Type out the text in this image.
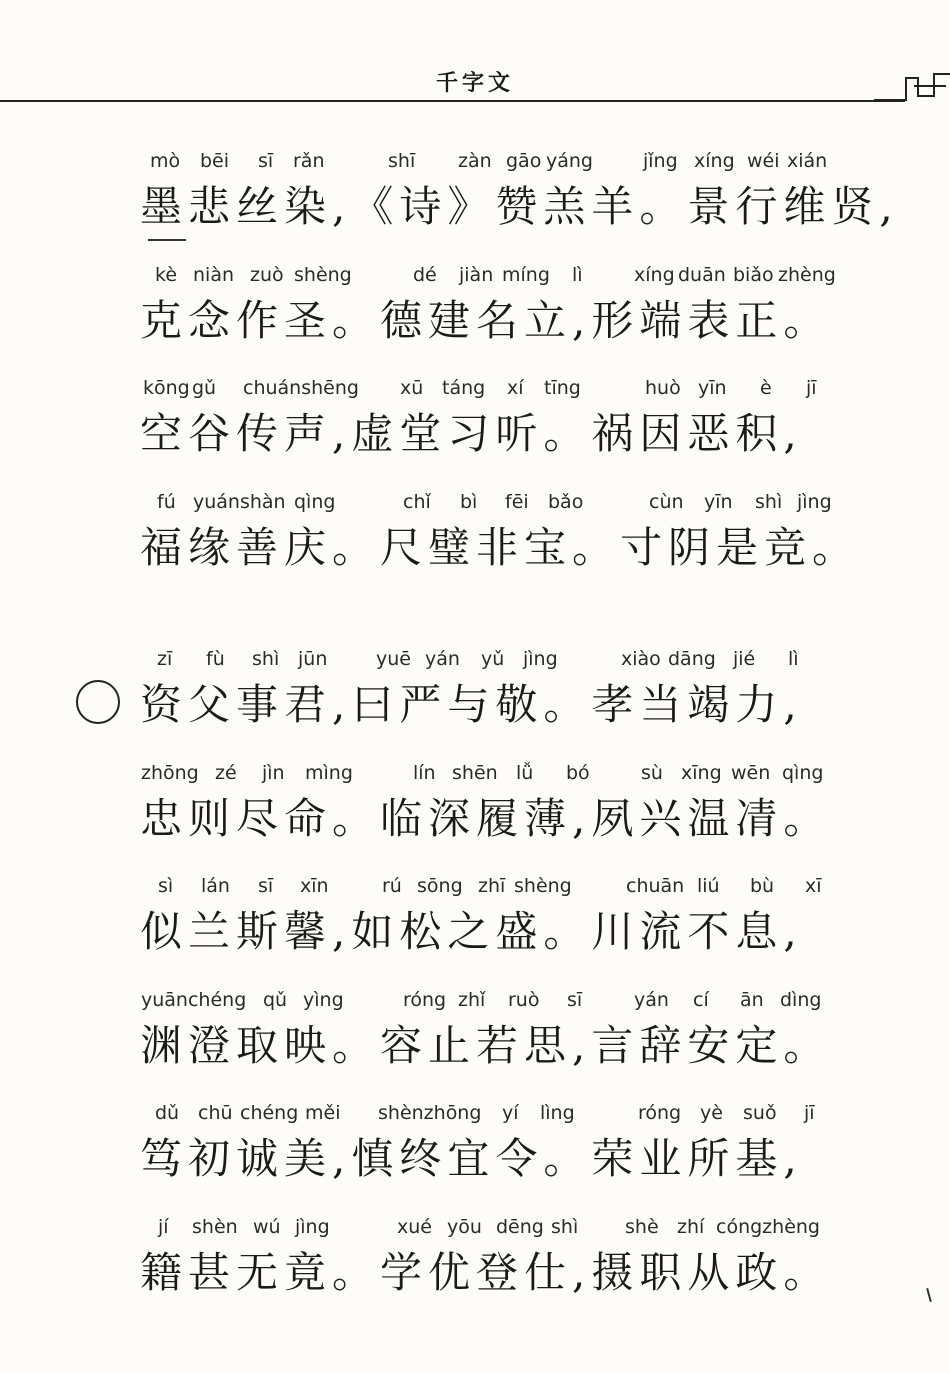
千字文
mò bēi sī rǎn	shī zàn gāo yáng	jǐng xíng wéi xián
墨悲丝染,《诗》赞羔羊。景行维贤,
kè niàn zuò shèng	dé jiàn míng lì	xíng duān biǎo zhèng
克念作圣。德建名立,形端表正。
kōng gǔ chuánshēng xū táng xí tīng	huò yīn è jī
空谷传声,虚堂习听。祸因恶积,
fú yuánshàn qìng	chǐ bì fēi bǎo	cùn yīn shì jìng
福缘善庆。尺璧非宝。寸阴是竞。
zī fù shì jūn	yuē yán yǔ jìng	xiào dāng jié lì
资父事君,曰严与敬。孝当竭力,
zhōng zé jìn mìng	lín shēn lǚ bó	sù xīng wēn qìng
忠则尽命。临深履薄,夙兴温凊。
sì lán sī xīn	rú sōng zhī shèng	chuān liú bù xī
似兰斯馨,如松之盛。川流不息,
yuānchéng qǔ yìng	róng zhǐ ruò sī	yán cí ān dìng
渊澄取映。容止若思,言辞安定。
dǔ chū chéng měi shènzhōng yí lìng	róng yè suǒ jī
笃初诚美,慎终宜令。荣业所基,
jí shèn wú jìng	xué yōu dēng shì shè zhí cóngzhèng
籍甚无竟。学优登仕,摄职从政。
